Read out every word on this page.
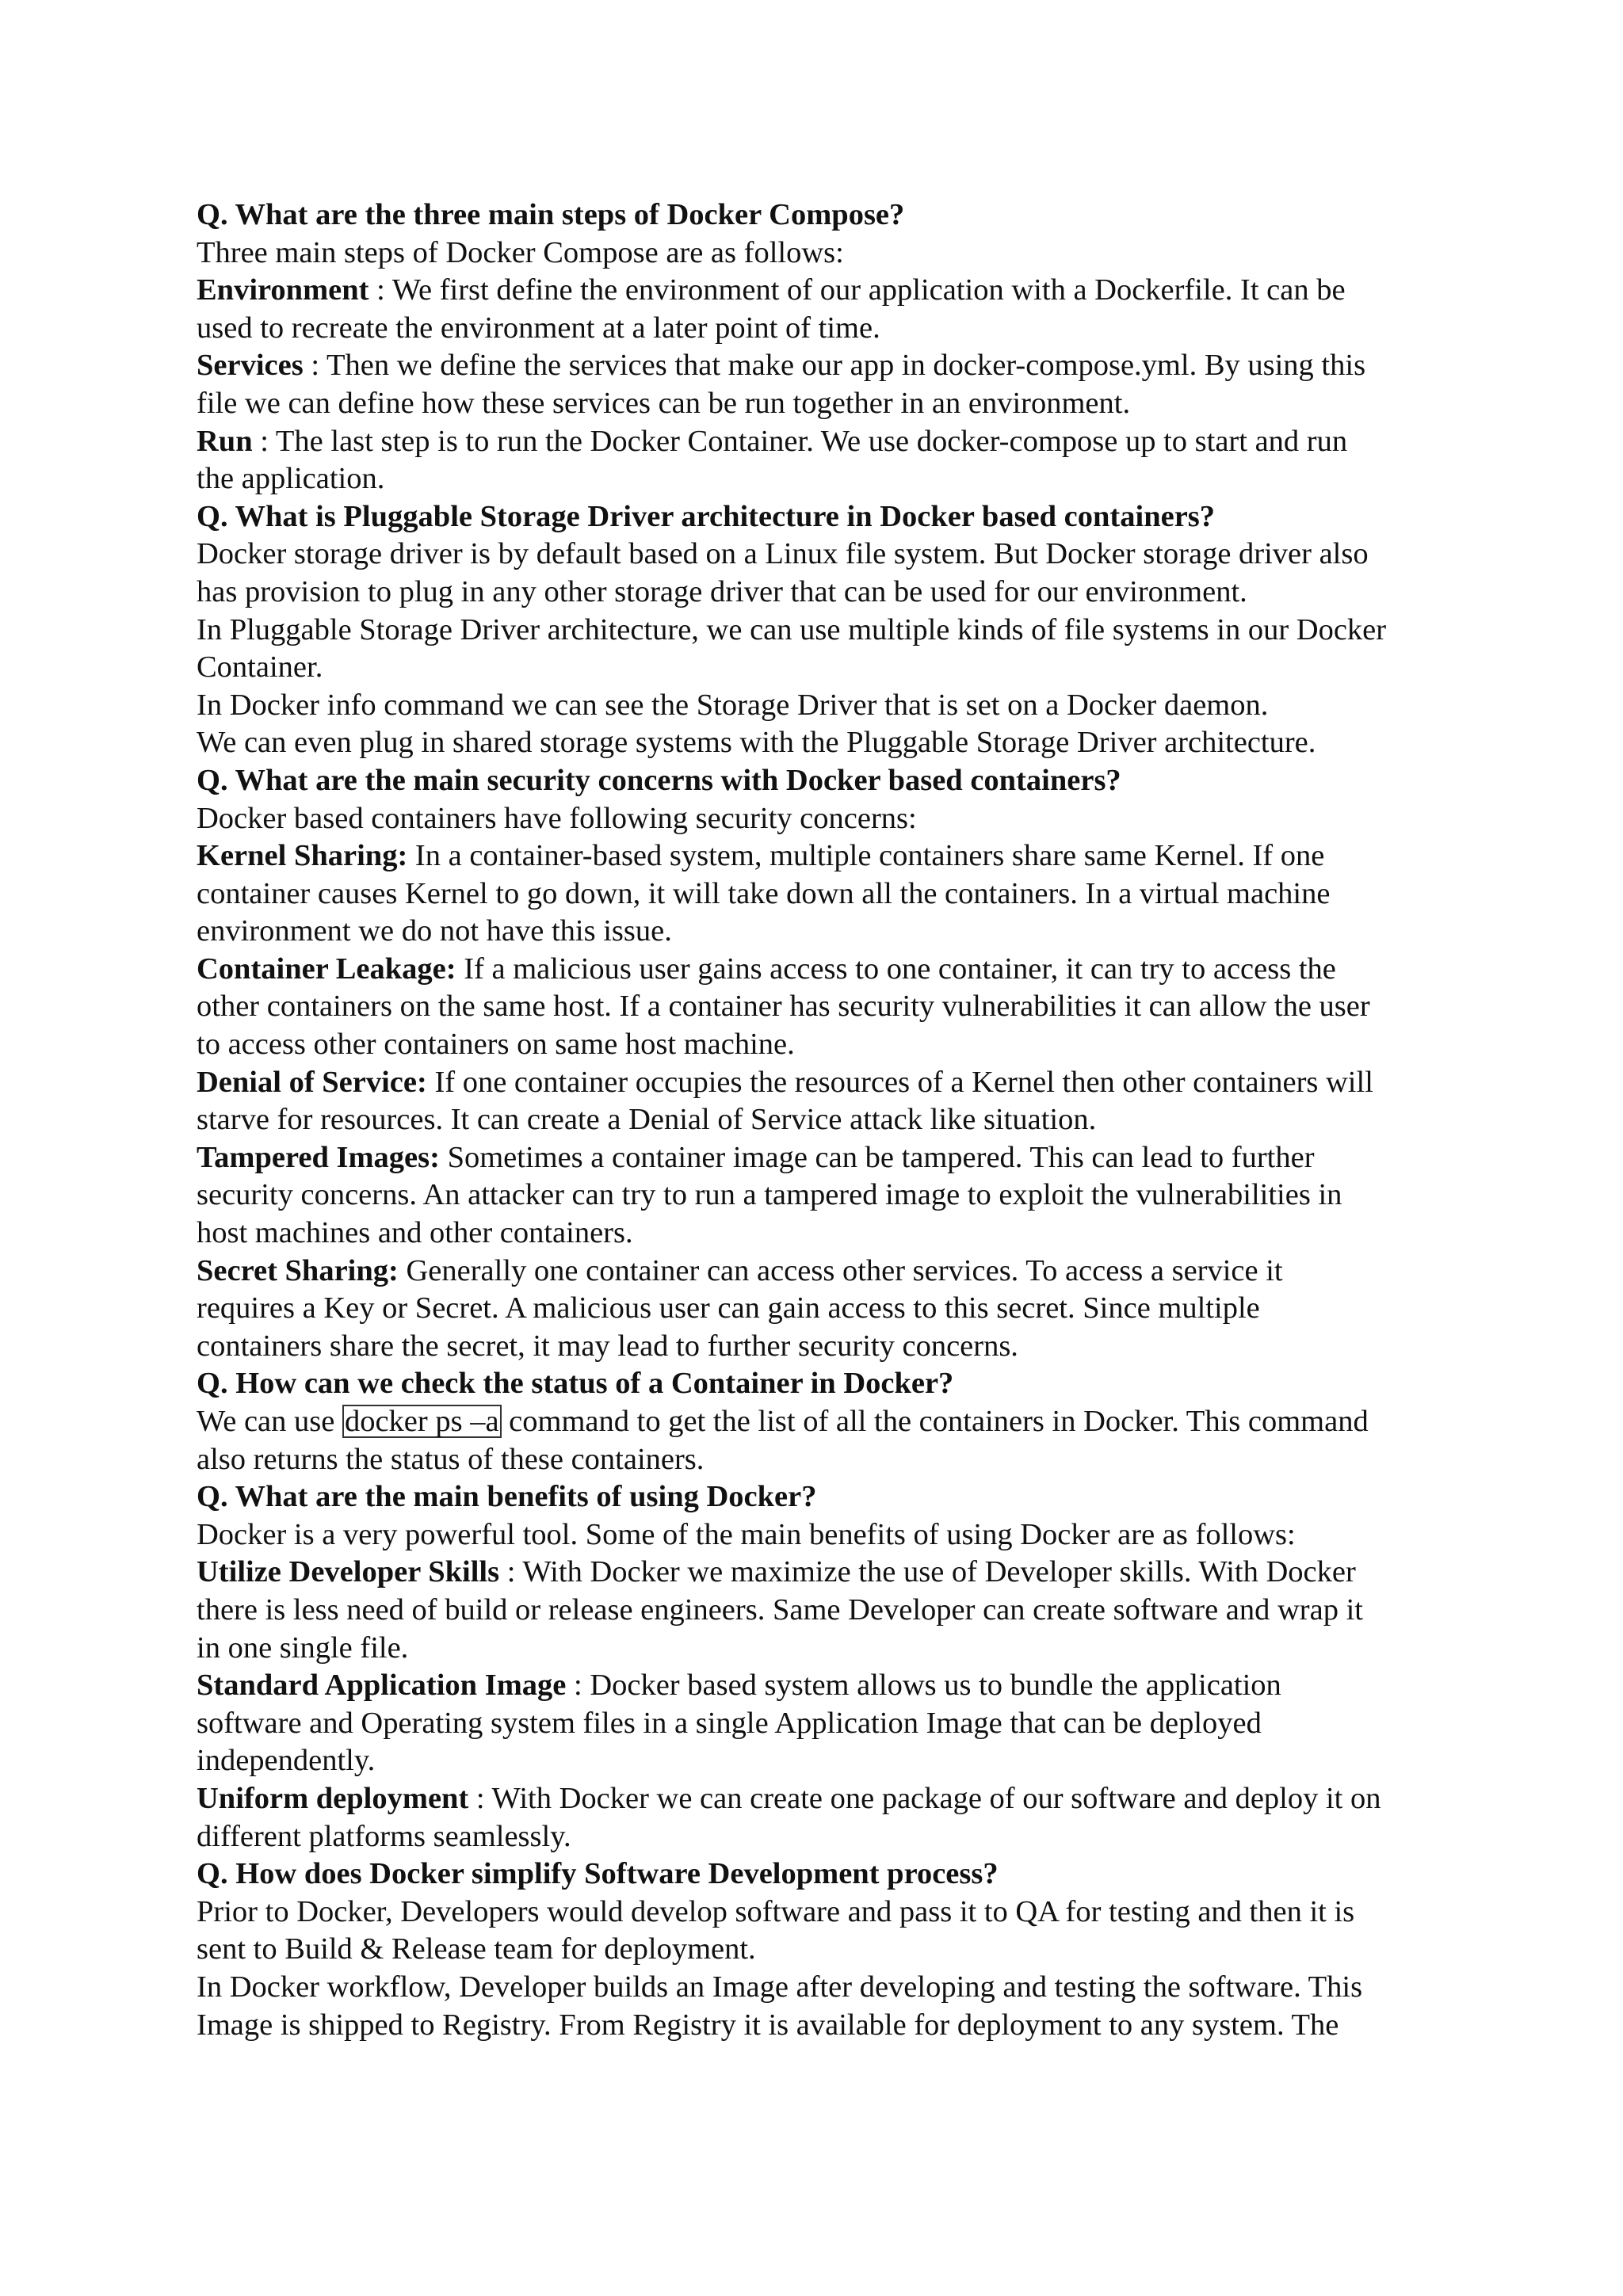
Q. What are the three main steps of Docker Compose?
Three main steps of Docker Compose are as follows:
Environment : We first define the environment of our application with a Dockerfile. It can be
used to recreate the environment at a later point of time.
Services : Then we define the services that make our app in docker-compose.yml. By using this
file we can define how these services can be run together in an environment.
Run : The last step is to run the Docker Container. We use docker-compose up to start and run
the application.
Q. What is Pluggable Storage Driver architecture in Docker based containers?
Docker storage driver is by default based on a Linux file system. But Docker storage driver also
has provision to plug in any other storage driver that can be used for our environment.
In Pluggable Storage Driver architecture, we can use multiple kinds of file systems in our Docker
Container.
In Docker info command we can see the Storage Driver that is set on a Docker daemon.
We can even plug in shared storage systems with the Pluggable Storage Driver architecture.
Q. What are the main security concerns with Docker based containers?
Docker based containers have following security concerns:
Kernel Sharing: In a container-based system, multiple containers share same Kernel. If one
container causes Kernel to go down, it will take down all the containers. In a virtual machine
environment we do not have this issue.
Container Leakage: If a malicious user gains access to one container, it can try to access the
other containers on the same host. If a container has security vulnerabilities it can allow the user
to access other containers on same host machine.
Denial of Service: If one container occupies the resources of a Kernel then other containers will
starve for resources. It can create a Denial of Service attack like situation.
Tampered Images: Sometimes a container image can be tampered. This can lead to further
security concerns. An attacker can try to run a tampered image to exploit the vulnerabilities in
host machines and other containers.
Secret Sharing: Generally one container can access other services. To access a service it
requires a Key or Secret. A malicious user can gain access to this secret. Since multiple
containers share the secret, it may lead to further security concerns.
Q. How can we check the status of a Container in Docker?
We can use docker ps –a command to get the list of all the containers in Docker. This command
also returns the status of these containers.
Q. What are the main benefits of using Docker?
Docker is a very powerful tool. Some of the main benefits of using Docker are as follows:
Utilize Developer Skills : With Docker we maximize the use of Developer skills. With Docker
there is less need of build or release engineers. Same Developer can create software and wrap it
in one single file.
Standard Application Image : Docker based system allows us to bundle the application
software and Operating system files in a single Application Image that can be deployed
independently.
Uniform deployment : With Docker we can create one package of our software and deploy it on
different platforms seamlessly.
Q. How does Docker simplify Software Development process?
Prior to Docker, Developers would develop software and pass it to QA for testing and then it is
sent to Build & Release team for deployment.
In Docker workflow, Developer builds an Image after developing and testing the software. This
Image is shipped to Registry. From Registry it is available for deployment to any system. The
